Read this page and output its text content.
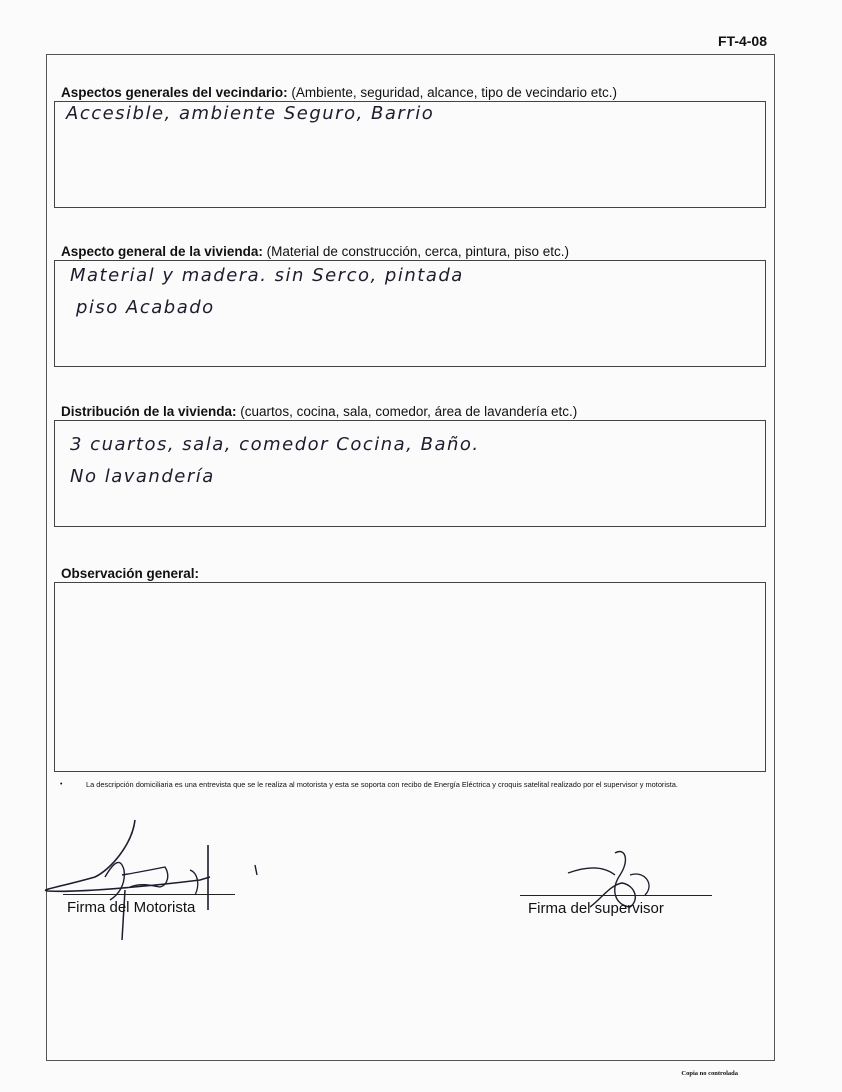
FT-4-08
Aspectos generales del vecindario: (Ambiente, seguridad, alcance, tipo de vecindario etc.)
Accesible, ambiente Seguro, Barrio
Aspecto general de la vivienda: (Material de construcción, cerca, pintura, piso etc.)
Material y madera. sin Serco, pintada
piso Acabado
Distribución de la vivienda: (cuartos, cocina, sala, comedor, área de lavandería etc.)
3 cuartos, sala, comedor Cocina, Baño.
No lavandería
Observación general:
•	La descripción domiciliaria es una entrevista que se le realiza al motorista y esta se soporta con recibo de Energía Eléctrica y croquis satelital realizado por el supervisor y motorista.
Firma del Motorista	Firma del supervisor
Copia no controlada
